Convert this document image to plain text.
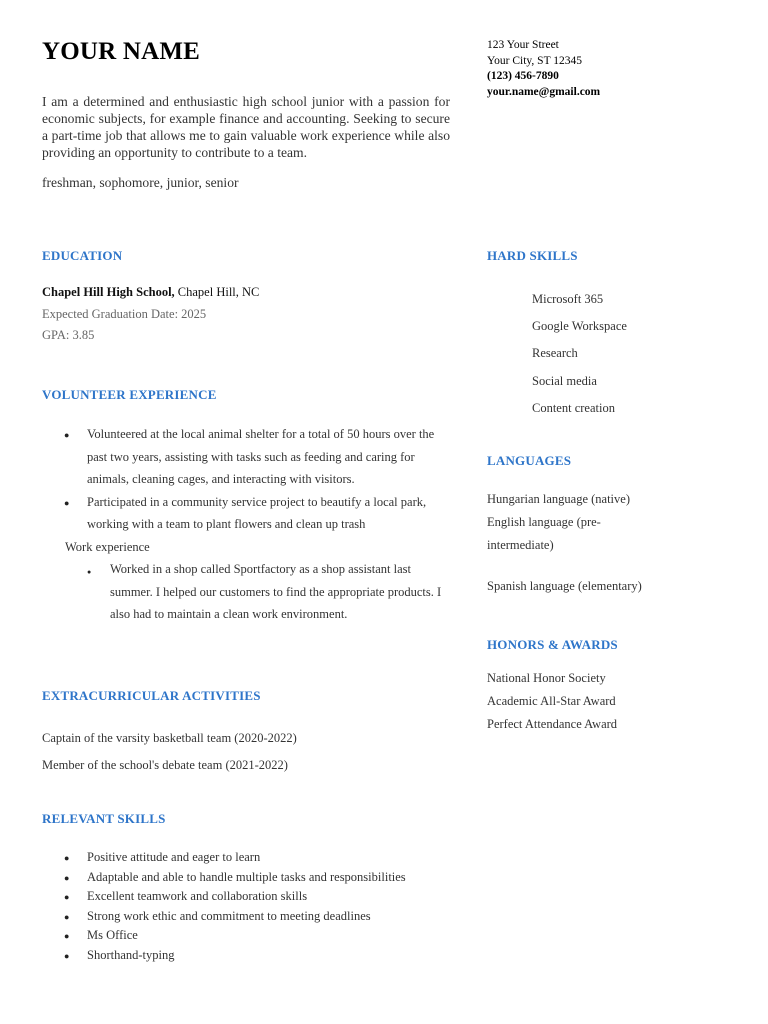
YOUR NAME	123 Your Street
Your City, ST 12345
(123) 456-7890
your.name@gmail.com
I am a determined and enthusiastic high school junior with a passion for economic subjects, for example finance and accounting. Seeking to secure a part-time job that allows me to gain valuable work experience while also providing an opportunity to contribute to a team.
freshman, sophomore, junior, senior
EDUCATION
Chapel Hill High School, Chapel Hill, NC
Expected Graduation Date: 2025
GPA: 3.85
VOLUNTEER EXPERIENCE
● Volunteered at the local animal shelter for a total of 50 hours over the past two years, assisting with tasks such as feeding and caring for animals, cleaning cages, and interacting with visitors.
● Participated in a community service project to beautify a local park, working with a team to plant flowers and clean up trash
Work experience
● Worked in a shop called Sportfactory as a shop assistant last summer. I helped our customers to find the appropriate products. I also had to maintain a clean work environment.
EXTRACURRICULAR ACTIVITIES
Captain of the varsity basketball team (2020-2022)
Member of the school's debate team (2021-2022)
RELEVANT SKILLS
● Positive attitude and eager to learn
● Adaptable and able to handle multiple tasks and responsibilities
● Excellent teamwork and collaboration skills
● Strong work ethic and commitment to meeting deadlines
● Ms Office
● Shorthand-typing
HARD SKILLS
Microsoft 365
Google Workspace
Research
Social media
Content creation
LANGUAGES
Hungarian language (native)
English language (pre-intermediate)
Spanish language (elementary)
HONORS & AWARDS
National Honor Society
Academic All-Star Award
Perfect Attendance Award
